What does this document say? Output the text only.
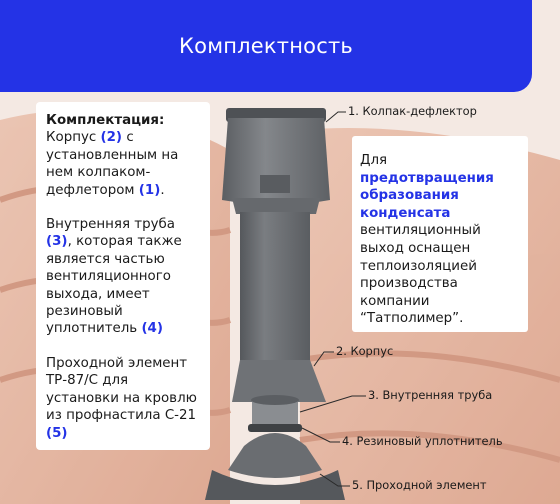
Комплектность

Комплектация:
Корпус (2) с установленным на нем колпаком-дефлетором (1).

Внутренняя труба (3), которая также является частью вентиляционного выхода, имеет резиновый уплотнитель (4)

Проходной элемент ТР-87/С для установки на кровлю из профнастила С-21 (5)

Для предотвращения образования конденсата вентиляционный выход оснащен теплоизоляцией производства компании “Татполимер”.
1. Колпак-дефлектор
2. Корпус
3. Внутренняя труба
4. Резиновый уплотнитель
5. Проходной элемент
